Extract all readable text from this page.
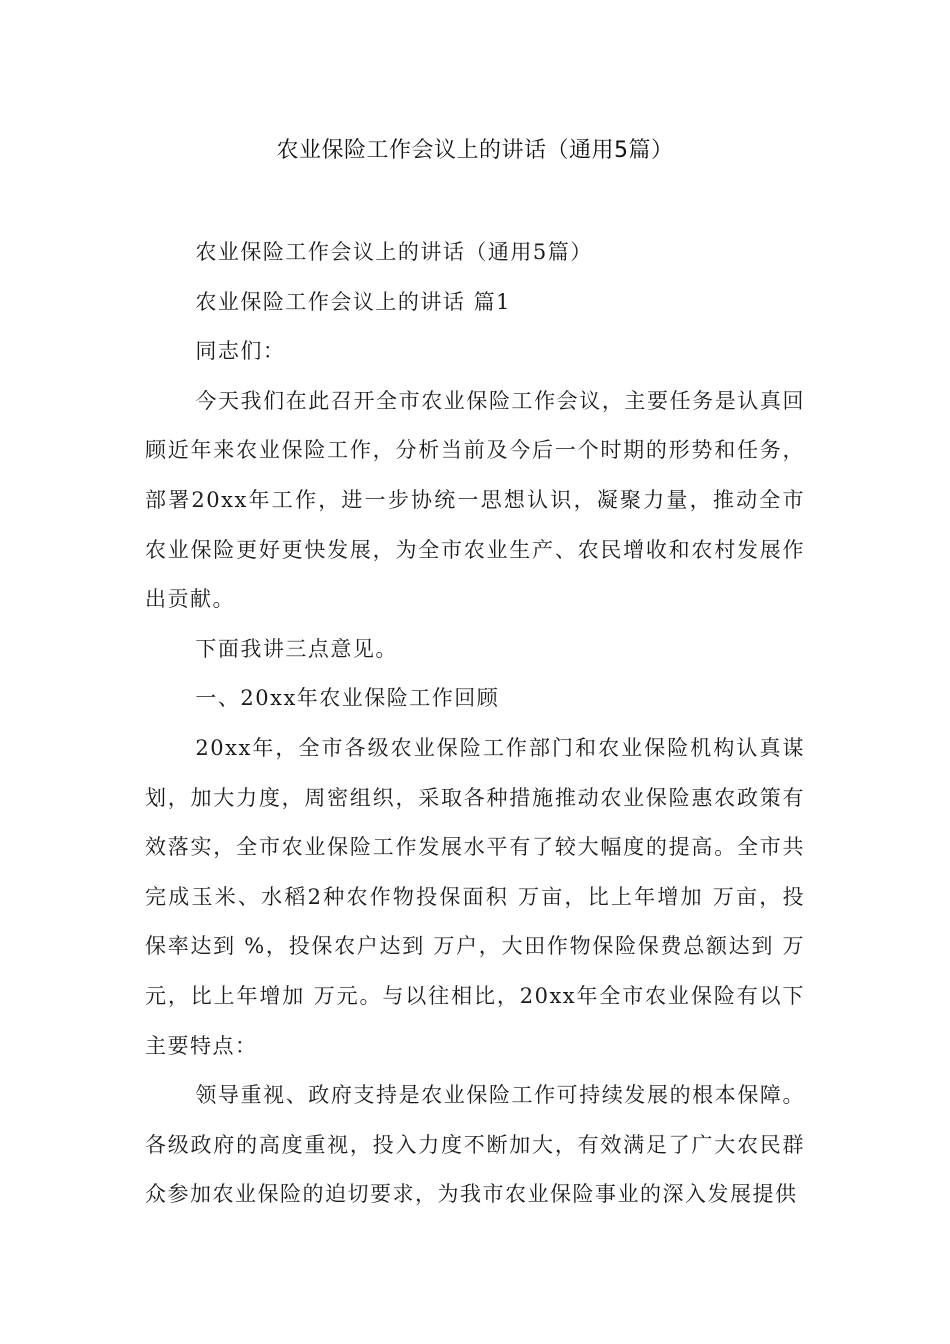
农业保险工作会议上的讲话（通用5篇）

农业保险工作会议上的讲话（通用5篇）

农业保险工作会议上的讲话 篇1

同志们：

今天我们在此召开全市农业保险工作会议，主要任务是认真回顾近年来农业保险工作，分析当前及今后一个时期的形势和任务，部署20xx年工作，进一步协统一思想认识，凝聚力量，推动全市农业保险更好更快发展，为全市农业生产、农民增收和农村发展作出贡献。

下面我讲三点意见。

一、20xx年农业保险工作回顾

20xx年，全市各级农业保险工作部门和农业保险机构认真谋划，加大力度，周密组织，采取各种措施推动农业保险惠农政策有效落实，全市农业保险工作发展水平有了较大幅度的提高。全市共完成玉米、水稻2种农作物投保面积 万亩，比上年增加 万亩，投保率达到 %，投保农户达到 万户，大田作物保险保费总额达到 万元，比上年增加 万元。与以往相比，20xx年全市农业保险有以下主要特点：

领导重视、政府支持是农业保险工作可持续发展的根本保障。各级政府的高度重视，投入力度不断加大，有效满足了广大农民群众参加农业保险的迫切要求，为我市农业保险事业的深入发展提供
